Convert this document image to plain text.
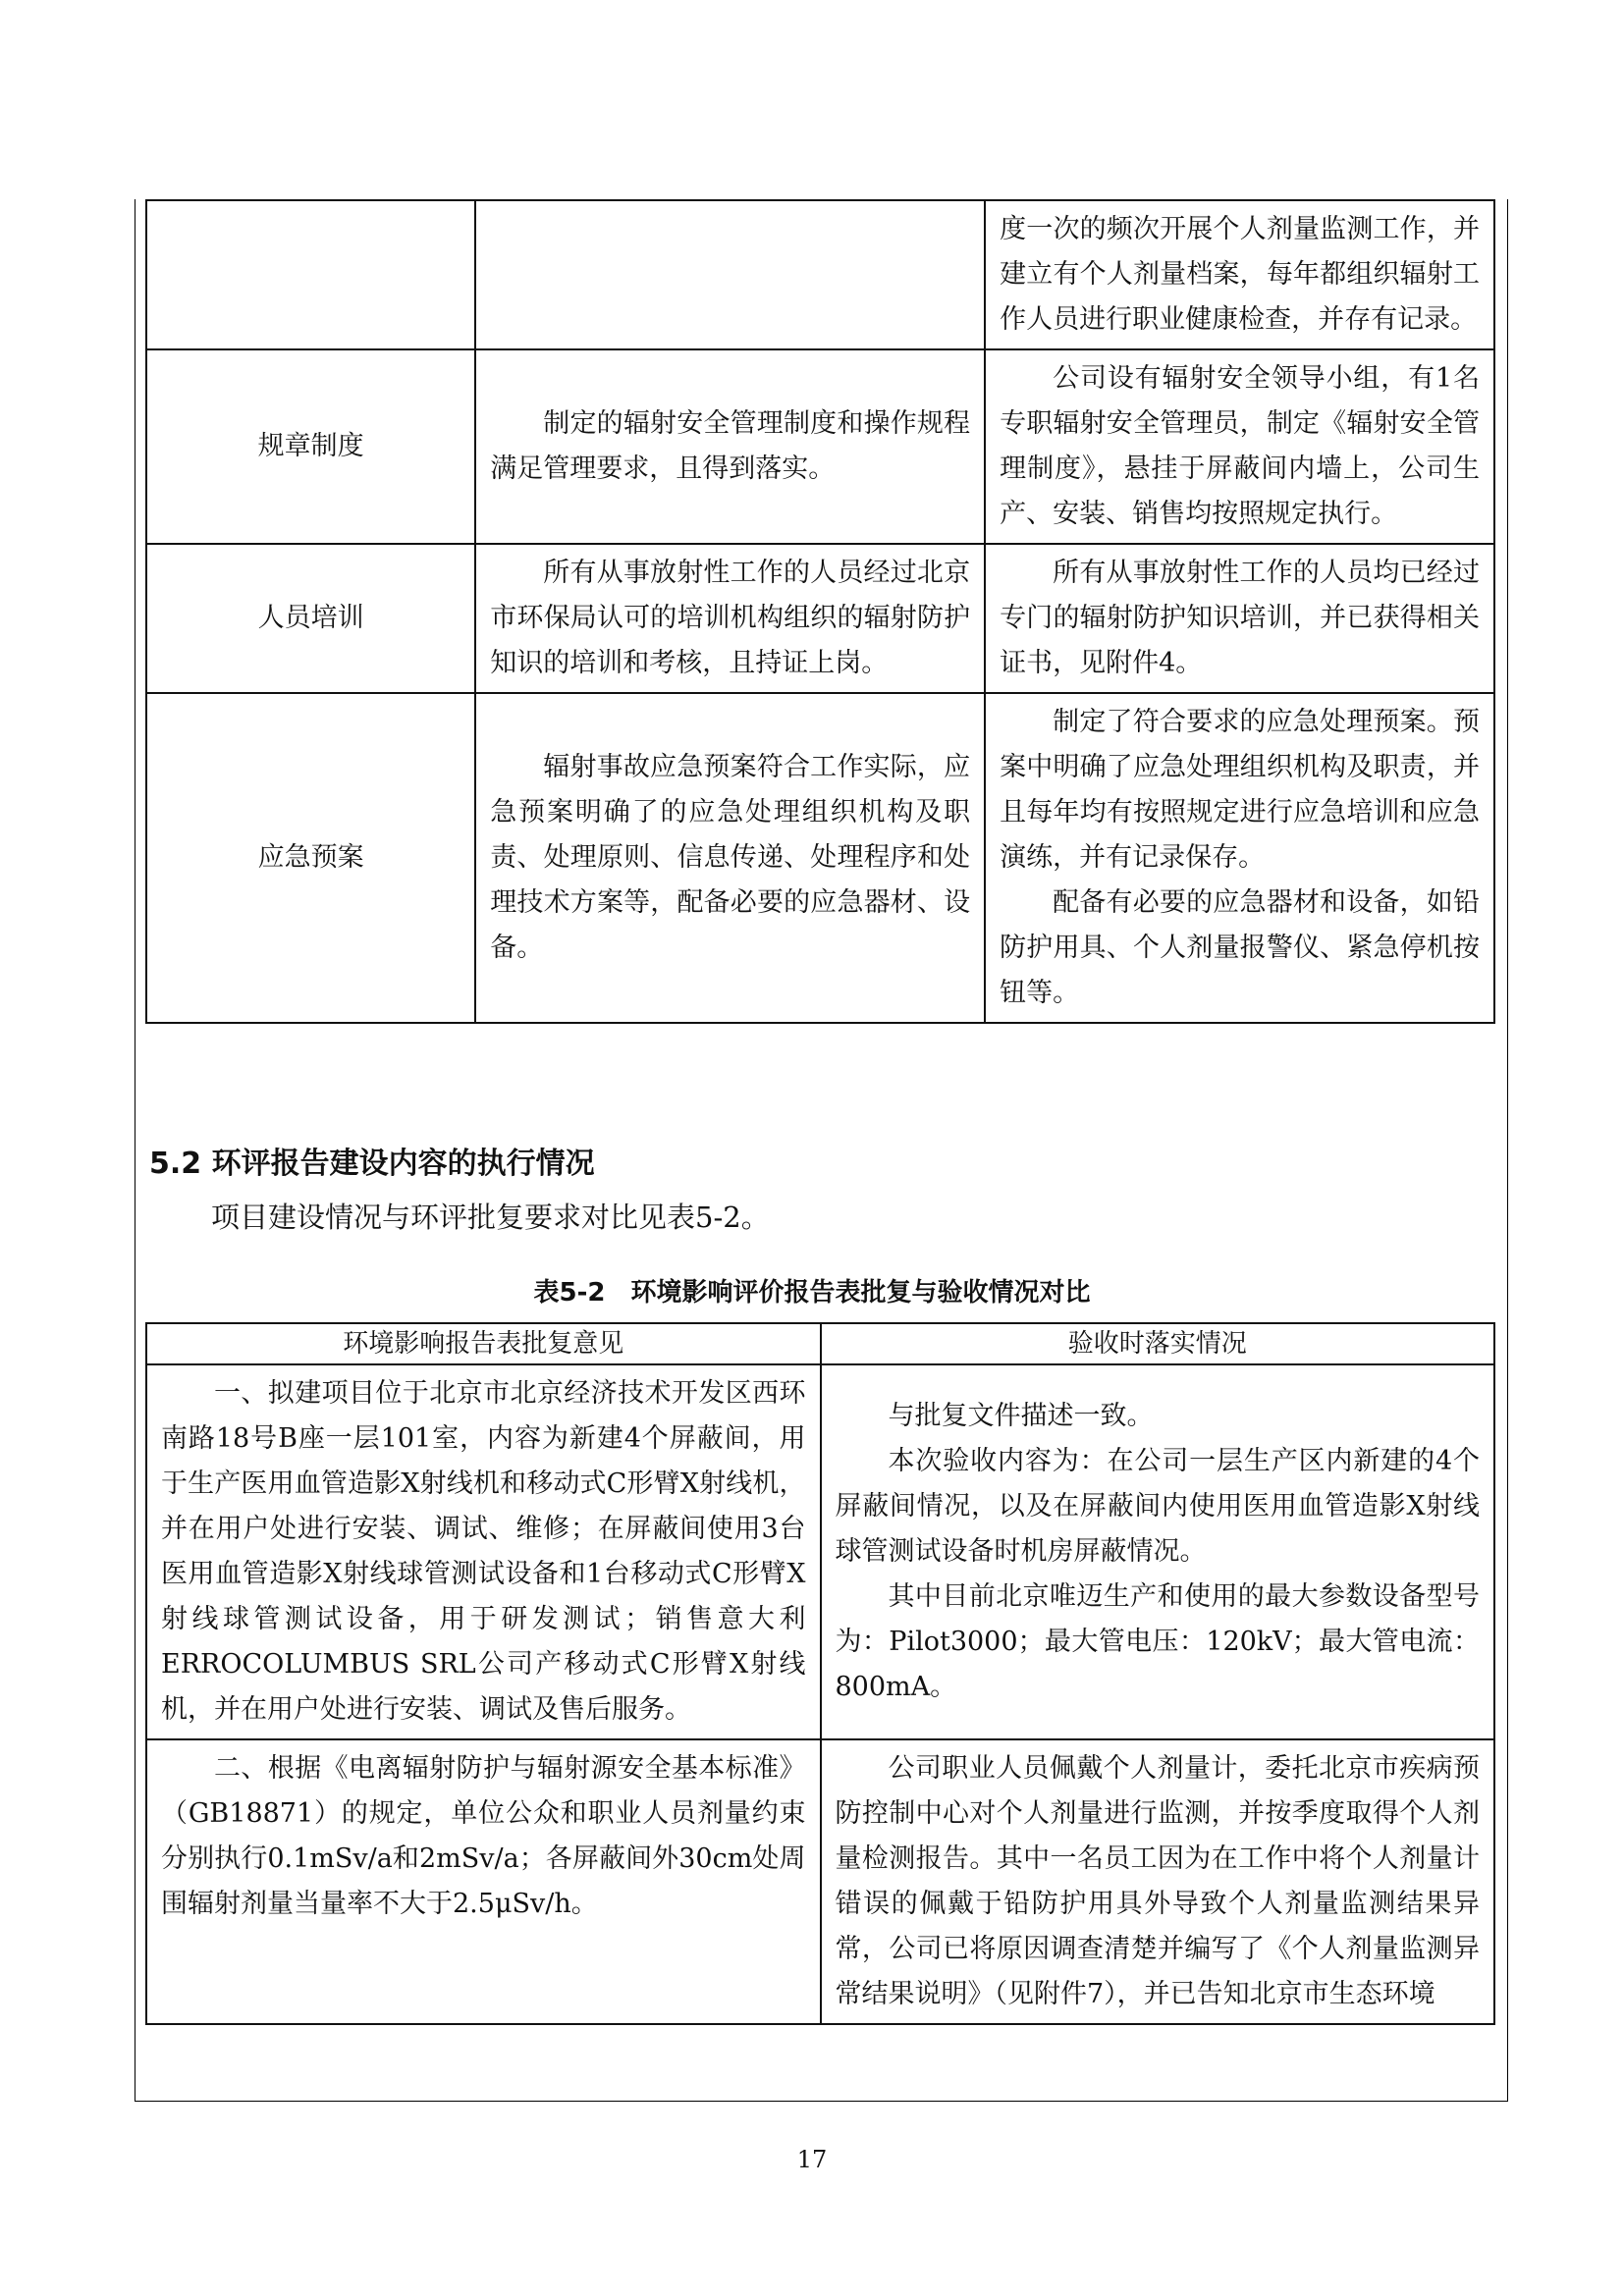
		度一次的频次开展个人剂量监测工作，并建立有个人剂量档案，每年都组织辐射工作人员进行职业健康检查，并存有记录。

规章制度	制定的辐射安全管理制度和操作规程满足管理要求，且得到落实。	公司设有辐射安全领导小组，有1名专职辐射安全管理员，制定《辐射安全管理制度》，悬挂于屏蔽间内墙上，公司生产、安装、销售均按照规定执行。

人员培训	所有从事放射性工作的人员经过北京市环保局认可的培训机构组织的辐射防护知识的培训和考核，且持证上岗。	所有从事放射性工作的人员均已经过专门的辐射防护知识培训，并已获得相关证书，见附件4。

应急预案	辐射事故应急预案符合工作实际，应急预案明确了的应急处理组织机构及职责、处理原则、信息传递、处理程序和处理技术方案等，配备必要的应急器材、设备。	制定了符合要求的应急处理预案。预案中明确了应急处理组织机构及职责，并且每年均有按照规定进行应急培训和应急演练，并有记录保存。

配备有必要的应急器材和设备，如铅防护用具、个人剂量报警仪、紧急停机按钮等。

5.2 环评报告建设内容的执行情况

项目建设情况与环评批复要求对比见表5-2。

表5-2　环境影响评价报告表批复与验收情况对比

环境影响报告表批复意见	验收时落实情况

一、拟建项目位于北京市北京经济技术开发区西环南路18号B座一层101室，内容为新建4个屏蔽间，用于生产医用血管造影X射线机和移动式C形臂X射线机，并在用户处进行安装、调试、维修；在屏蔽间使用3台医用血管造影X射线球管测试设备和1台移动式C形臂X射线球管测试设备，用于研发测试；销售意大利ERROCOLUMBUS SRL公司产移动式C形臂X射线机，并在用户处进行安装、调试及售后服务。	与批复文件描述一致。

本次验收内容为：在公司一层生产区内新建的4个屏蔽间情况，以及在屏蔽间内使用医用血管造影X射线球管测试设备时机房屏蔽情况。

其中目前北京唯迈生产和使用的最大参数设备型号为：Pilot3000；最大管电压：120kV；最大管电流：800mA。

二、根据《电离辐射防护与辐射源安全基本标准》（GB18871）的规定，单位公众和职业人员剂量约束分别执行0.1mSv/a和2mSv/a；各屏蔽间外30cm处周围辐射剂量当量率不大于2.5μSv/h。	公司职业人员佩戴个人剂量计，委托北京市疾病预防控制中心对个人剂量进行监测，并按季度取得个人剂量检测报告。其中一名员工因为在工作中将个人剂量计错误的佩戴于铅防护用具外导致个人剂量监测结果异常，公司已将原因调查清楚并编写了《个人剂量监测异常结果说明》（见附件7），并已告知北京市生态环境

17
